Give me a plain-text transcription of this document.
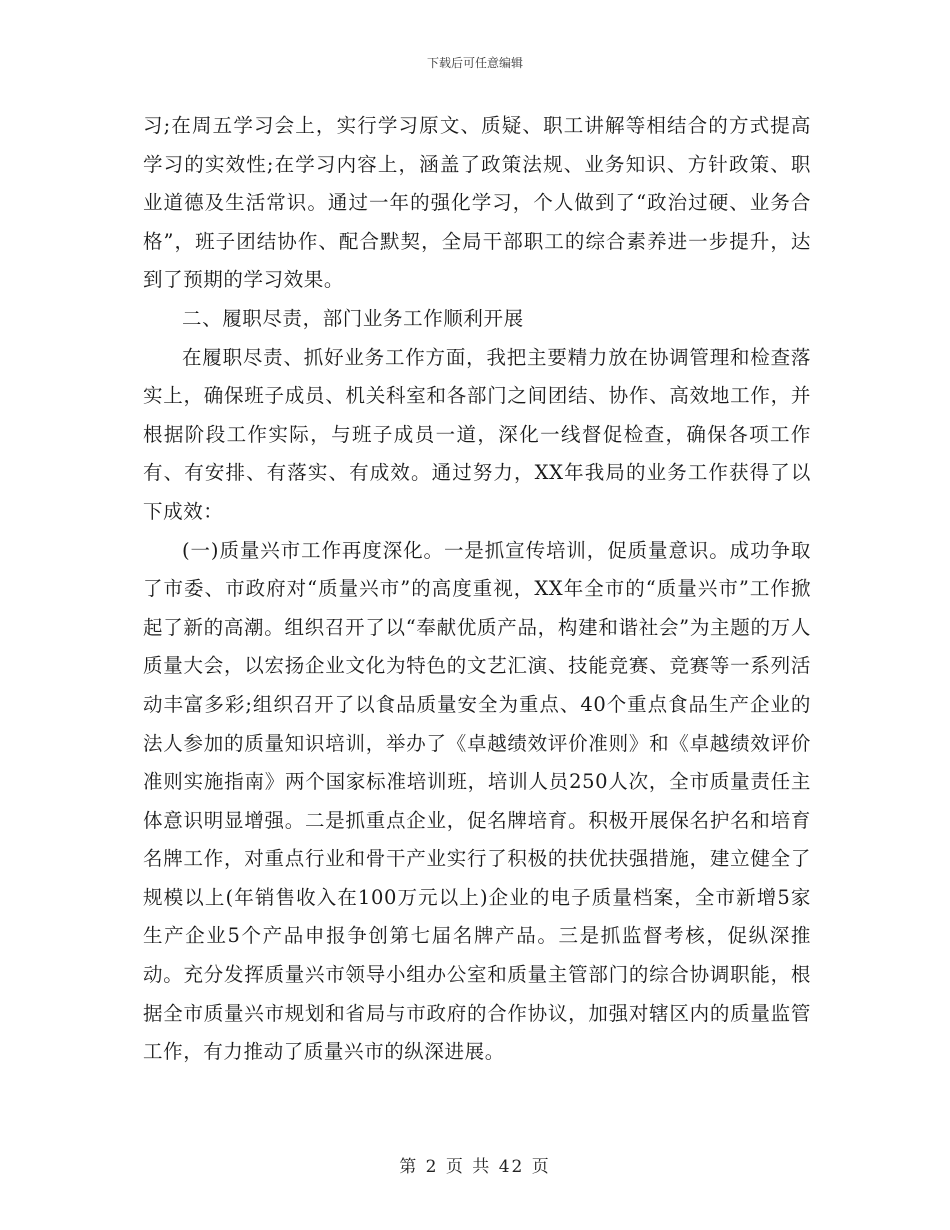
下载后可任意编辑

习;在周五学习会上，实行学习原文、质疑、职工讲解等相结合的方式提高学习的实效性;在学习内容上，涵盖了政策法规、业务知识、方针政策、职业道德及生活常识。通过一年的强化学习，个人做到了“政治过硬、业务合格”，班子团结协作、配合默契，全局干部职工的综合素养进一步提升，达到了预期的学习效果。

二、履职尽责，部门业务工作顺利开展

在履职尽责、抓好业务工作方面，我把主要精力放在协调管理和检查落实上，确保班子成员、机关科室和各部门之间团结、协作、高效地工作，并根据阶段工作实际，与班子成员一道，深化一线督促检查，确保各项工作有、有安排、有落实、有成效。通过努力，XX年我局的业务工作获得了以下成效：

(一)质量兴市工作再度深化。一是抓宣传培训，促质量意识。成功争取了市委、市政府对“质量兴市”的高度重视，XX年全市的“质量兴市”工作掀起了新的高潮。组织召开了以“奉献优质产品，构建和谐社会”为主题的万人质量大会，以宏扬企业文化为特色的文艺汇演、技能竞赛、竞赛等一系列活动丰富多彩;组织召开了以食品质量安全为重点、40个重点食品生产企业的法人参加的质量知识培训，举办了《卓越绩效评价准则》和《卓越绩效评价准则实施指南》两个国家标准培训班，培训人员250人次，全市质量责任主体意识明显增强。二是抓重点企业，促名牌培育。积极开展保名护名和培育名牌工作，对重点行业和骨干产业实行了积极的扶优扶强措施，建立健全了规模以上(年销售收入在100万元以上)企业的电子质量档案，全市新增5家生产企业5个产品申报争创第七届名牌产品。三是抓监督考核，促纵深推动。充分发挥质量兴市领导小组办公室和质量主管部门的综合协调职能，根据全市质量兴市规划和省局与市政府的合作协议，加强对辖区内的质量监管工作，有力推动了质量兴市的纵深进展。

第 2 页 共 42 页
